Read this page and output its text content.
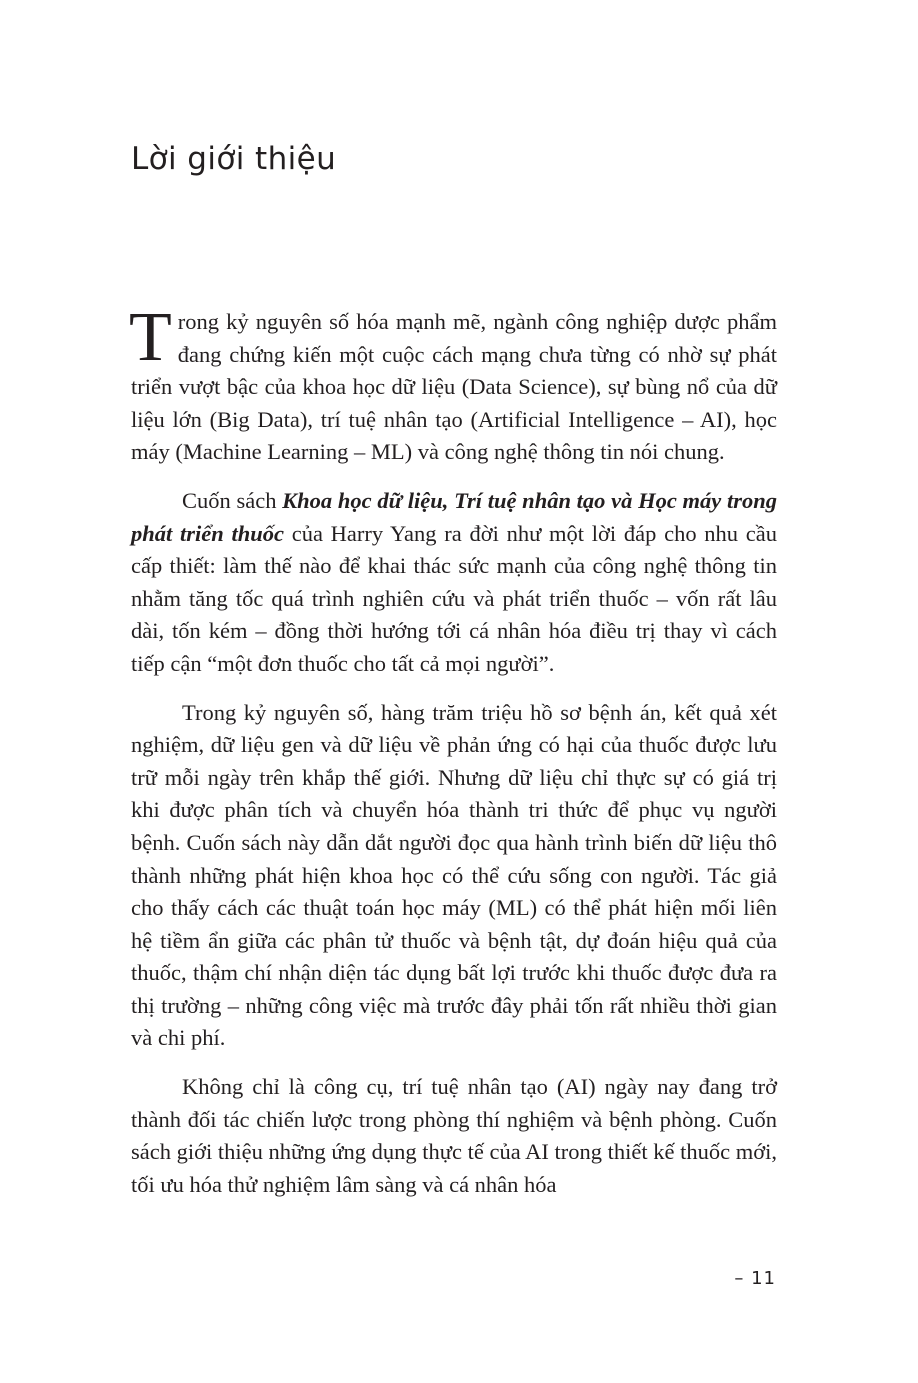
Lời giới thiệu

Trong kỷ nguyên số hóa mạnh mẽ, ngành công nghiệp dược phẩm đang chứng kiến một cuộc cách mạng chưa từng có nhờ sự phát triển vượt bậc của khoa học dữ liệu (Data Science), sự bùng nổ của dữ liệu lớn (Big Data), trí tuệ nhân tạo (Artificial Intelligence – AI), học máy (Machine Learning – ML) và công nghệ thông tin nói chung.

Cuốn sách Khoa học dữ liệu, Trí tuệ nhân tạo và Học máy trong phát triển thuốc của Harry Yang ra đời như một lời đáp cho nhu cầu cấp thiết: làm thế nào để khai thác sức mạnh của công nghệ thông tin nhằm tăng tốc quá trình nghiên cứu và phát triển thuốc – vốn rất lâu dài, tốn kém – đồng thời hướng tới cá nhân hóa điều trị thay vì cách tiếp cận “một đơn thuốc cho tất cả mọi người”.

Trong kỷ nguyên số, hàng trăm triệu hồ sơ bệnh án, kết quả xét nghiệm, dữ liệu gen và dữ liệu về phản ứng có hại của thuốc được lưu trữ mỗi ngày trên khắp thế giới. Nhưng dữ liệu chỉ thực sự có giá trị khi được phân tích và chuyển hóa thành tri thức để phục vụ người bệnh. Cuốn sách này dẫn dắt người đọc qua hành trình biến dữ liệu thô thành những phát hiện khoa học có thể cứu sống con người. Tác giả cho thấy cách các thuật toán học máy (ML) có thể phát hiện mối liên hệ tiềm ẩn giữa các phân tử thuốc và bệnh tật, dự đoán hiệu quả của thuốc, thậm chí nhận diện tác dụng bất lợi trước khi thuốc được đưa ra thị trường – những công việc mà trước đây phải tốn rất nhiều thời gian và chi phí.

Không chỉ là công cụ, trí tuệ nhân tạo (AI) ngày nay đang trở thành đối tác chiến lược trong phòng thí nghiệm và bệnh phòng. Cuốn sách giới thiệu những ứng dụng thực tế của AI trong thiết kế thuốc mới, tối ưu hóa thử nghiệm lâm sàng và cá nhân hóa

– 11
